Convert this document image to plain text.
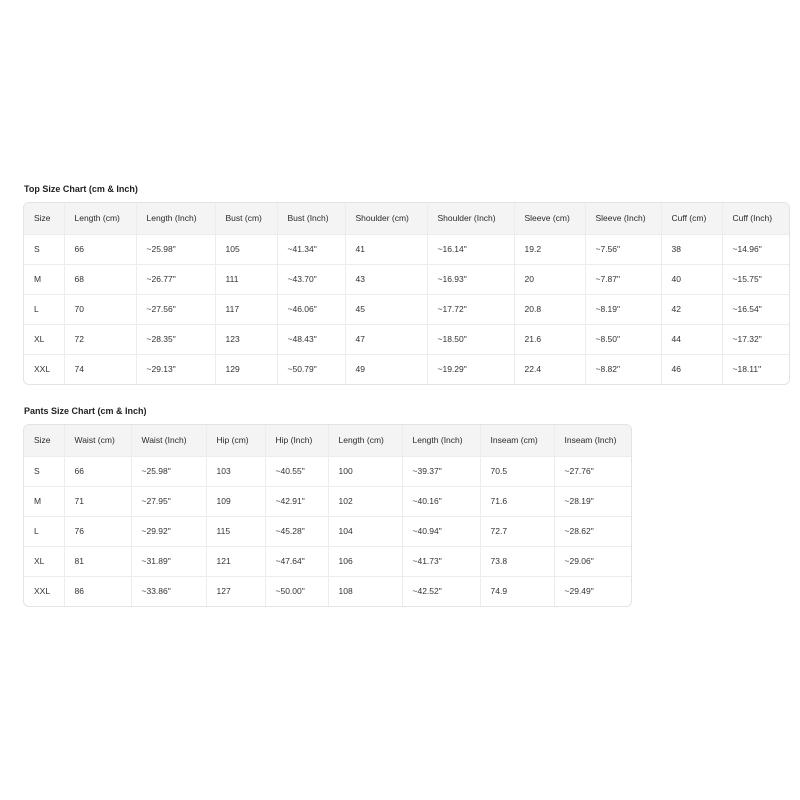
Top Size Chart (cm & Inch)
Size	Length (cm)	Length (Inch)	Bust (cm)	Bust (Inch)	Shoulder (cm)	Shoulder (Inch)	Sleeve (cm)	Sleeve (Inch)	Cuff (cm)	Cuff (Inch)
S	66	~25.98"	105	~41.34"	41	~16.14"	19.2	~7.56"	38	~14.96"
M	68	~26.77"	111	~43.70"	43	~16.93"	20	~7.87"	40	~15.75"
L	70	~27.56"	117	~46.06"	45	~17.72"	20.8	~8.19"	42	~16.54"
XL	72	~28.35"	123	~48.43"	47	~18.50"	21.6	~8.50"	44	~17.32"
XXL	74	~29.13"	129	~50.79"	49	~19.29"	22.4	~8.82"	46	~18.11"
Pants Size Chart (cm & Inch)
Size	Waist (cm)	Waist (Inch)	Hip (cm)	Hip (Inch)	Length (cm)	Length (Inch)	Inseam (cm)	Inseam (Inch)
S	66	~25.98"	103	~40.55"	100	~39.37"	70.5	~27.76"
M	71	~27.95"	109	~42.91"	102	~40.16"	71.6	~28.19"
L	76	~29.92"	115	~45.28"	104	~40.94"	72.7	~28.62"
XL	81	~31.89"	121	~47.64"	106	~41.73"	73.8	~29.06"
XXL	86	~33.86"	127	~50.00"	108	~42.52"	74.9	~29.49"
